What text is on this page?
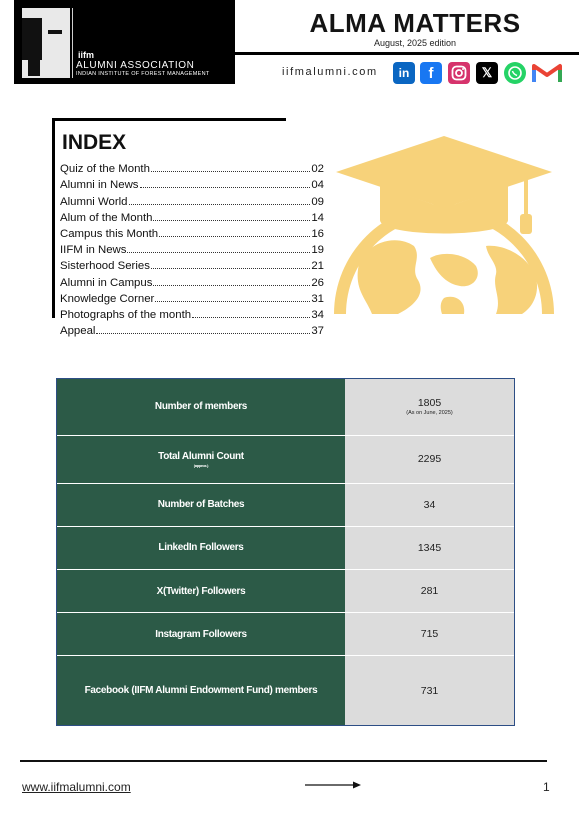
iifm
ALUMNI ASSOCIATION
INDIAN INSTITUTE OF FOREST MANAGEMENT
ALMA MATTERS
August, 2025 edition
iifmalumni.com	in	f	𝕏
INDEX
Quiz of the Month	02
Alumni in News	04
Alumni World	09
Alum of the Month	14
Campus this Month	16
IIFM in News	19
Sisterhood Series	21
Alumni in Campus	26
Knowledge Corner	31
Photographs of the month	34
Appeal	37
Number of members	1805
(As on June, 2025)

Total Alumni Count
(approx.)	2295
Number of Batches	34
LinkedIn Followers	1345
X(Twitter) Followers	281
Instagram Followers	715
Facebook (IIFM Alumni Endowment Fund) members	731
www.iifmalumni.com	1
